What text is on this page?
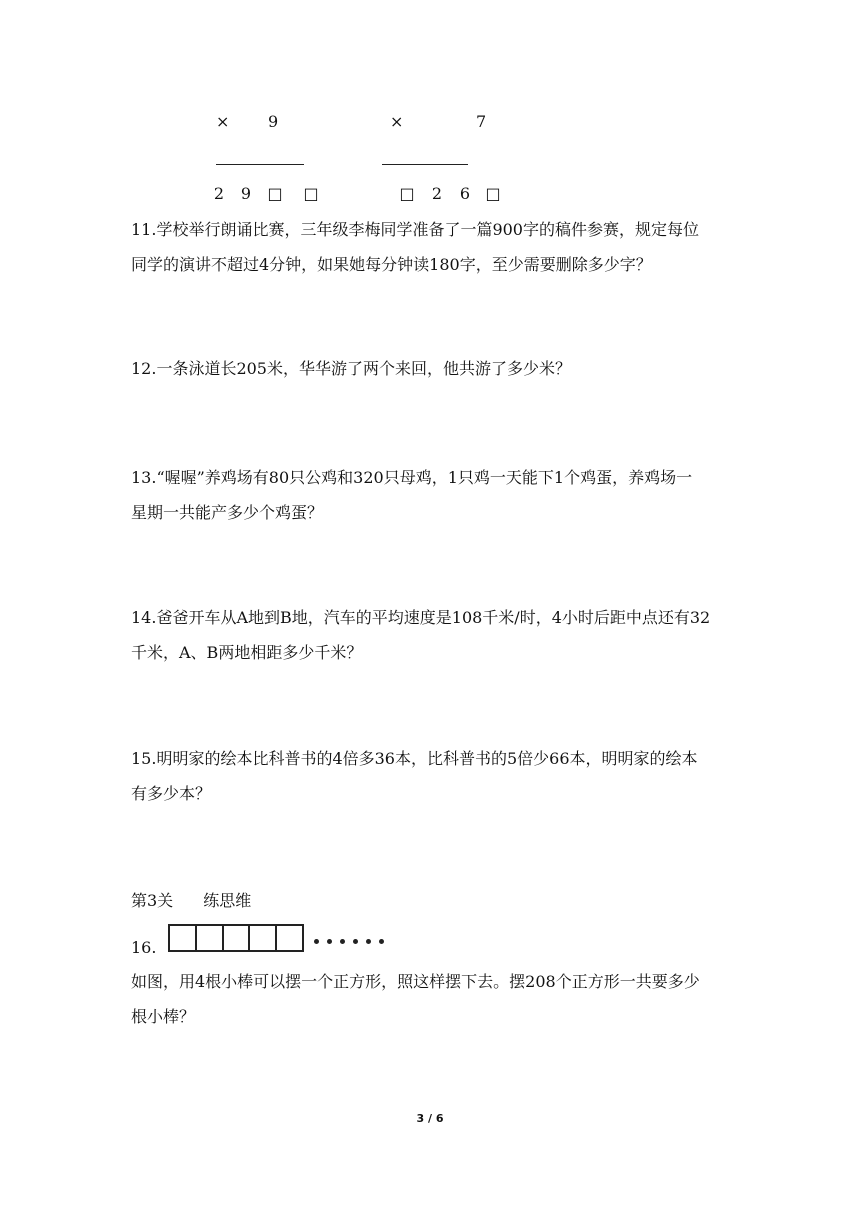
× 9
2 9 □ □
×	7
□ 2 6 □
11.学校举行朗诵比赛，三年级李梅同学准备了一篇900字的稿件参赛，规定每位
同学的演讲不超过4分钟，如果她每分钟读180字，至少需要删除多少字？
12.一条泳道长205米，华华游了两个来回，他共游了多少米？
13.“喔喔”养鸡场有80只公鸡和320只母鸡，1只鸡一天能下1个鸡蛋，养鸡场一
星期一共能产多少个鸡蛋？
14.爸爸开车从A地到B地，汽车的平均速度是108千米/时，4小时后距中点还有32
千米，A、B两地相距多少千米？
15.明明家的绘本比科普书的4倍多36本，比科普书的5倍少66本，明明家的绘本
有多少本？
第3关 练思维
16.
如图，用4根小棒可以摆一个正方形，照这样摆下去。摆208个正方形一共要多少
根小棒？
3 / 6
